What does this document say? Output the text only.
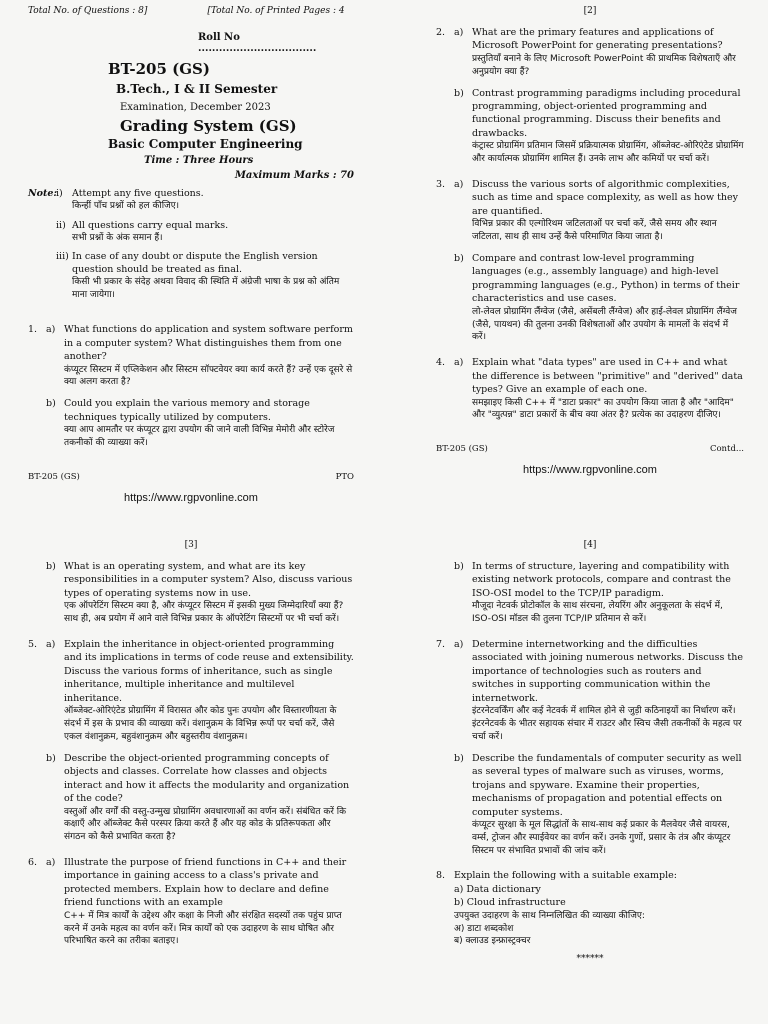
Total No. of Questions : 8]	[Total No. of Printed Pages : 4
Roll No ..................................
BT-205 (GS)
B.Tech., I & II Semester
Examination, December 2023
Grading System (GS)
Basic Computer Engineering
Time : Three Hours
Maximum Marks : 70
Note: i) Attempt any five questions.
किन्हीं पाँच प्रश्नों को हल कीजिए।
ii) All questions carry equal marks.
सभी प्रश्नों के अंक समान हैं।
iii) In case of any doubt or dispute the English version question should be treated as final.
किसी भी प्रकार के संदेह अथवा विवाद की स्थिति में अंग्रेजी भाषा के प्रश्न को अंतिम माना जायेगा।
1. a) What functions do application and system software perform in a computer system? What distinguishes them from one another?
कंप्यूटर सिस्टम में एप्लिकेशन और सिस्टम सॉफ्टवेयर क्या कार्य करते हैं? उन्हें एक दूसरे से क्या अलग करता है?
b) Could you explain the various memory and storage techniques typically utilized by computers.
क्या आप आमतौर पर कंप्यूटर द्वारा उपयोग की जाने वाली विभिन्न मेमोरी और स्टोरेज तकनीकों की व्याख्या करें।
BT-205 (GS)	PTO
https://www.rgpvonline.com
[2]
2. a) What are the primary features and applications of Microsoft PowerPoint for generating presentations?
प्रस्तुतियाँ बनाने के लिए Microsoft PowerPoint की प्राथमिक विशेषताएँ और अनुप्रयोग क्या हैं?
b) Contrast programming paradigms including procedural programming, object-oriented programming and functional programming. Discuss their benefits and drawbacks.
कंट्रास्ट प्रोग्रामिंग प्रतिमान जिसमें प्रक्रियात्मक प्रोग्रामिंग, ऑब्जेक्ट-ओरिएंटेड प्रोग्रामिंग और कार्यात्मक प्रोग्रामिंग शामिल हैं। उनके लाभ और कमियों पर चर्चा करें।
3. a) Discuss the various sorts of algorithmic complexities, such as time and space complexity, as well as how they are quantified.
विभिन्न प्रकार की एल्गोरिथम जटिलताओं पर चर्चा करें, जैसे समय और स्थान जटिलता, साथ ही साथ उन्हें कैसे परिमाणित किया जाता है।
b) Compare and contrast low-level programming languages (e.g., assembly language) and high-level programming languages (e.g., Python) in terms of their characteristics and use cases.
लो-लेवल प्रोग्रामिंग लैंग्वेज (जैसे, असेंबली लैंग्वेज) और हाई-लेवल प्रोग्रामिंग लैंग्वेज (जैसे, पायथन) की तुलना उनकी विशेषताओं और उपयोग के मामलों के संदर्भ में करें।
4. a) Explain what "data types" are used in C++ and what the difference is between "primitive" and "derived" data types? Give an example of each one.
समझाइए किसी C++ में "डाटा प्रकार" का उपयोग किया जाता है और "आदिम" और "व्युत्पन्न" डाटा प्रकारों के बीच क्या अंतर है? प्रत्येक का उदाहरण दीजिए।
BT-205 (GS)	Contd...
https://www.rgpvonline.com
[3]
b) What is an operating system, and what are its key responsibilities in a computer system? Also, discuss various types of operating systems now in use.
एक ऑपरेटिंग सिस्टम क्या है, और कंप्यूटर सिस्टम में इसकी मुख्य जिम्मेदारियाँ क्या हैं? साथ ही, अब प्रयोग में आने वाले विभिन्न प्रकार के ऑपरेटिंग सिस्टमों पर भी चर्चा करें।
5. a) Explain the inheritance in object-oriented programming and its implications in terms of code reuse and extensibility. Discuss the various forms of inheritance, such as single inheritance, multiple inheritance and multilevel inheritance.
ऑब्जेक्ट-ओरिएंटेड प्रोग्रामिंग में विरासत और कोड पुनः उपयोग और विस्तारणीयता के संदर्भ में इस के प्रभाव की व्याख्या करें। वंशानुक्रम के विभिन्न रूपों पर चर्चा करें, जैसे एकल वंशानुक्रम, बहुवंशानुक्रम और बहुस्तरीय वंशानुक्रम।
b) Describe the object-oriented programming concepts of objects and classes. Correlate how classes and objects interact and how it affects the modularity and organization of the code?
वस्तुओं और वर्गों की वस्तु-उन्मुख प्रोग्रामिंग अवधारणाओं का वर्णन करें। संबंधित करें कि कक्षाएँ और ऑब्जेक्ट कैसे परस्पर क्रिया करते हैं और यह कोड के प्रतिरूपकता और संगठन को कैसे प्रभावित करता है?
6. a) Illustrate the purpose of friend functions in C++ and their importance in gaining access to a class's private and protected members. Explain how to declare and define friend functions with an example
C++ में मित्र कार्यों के उद्देश्य और कक्षा के निजी और संरक्षित सदस्यों तक पहुंच प्राप्त करने में उनके महत्व का वर्णन करें। मित्र कार्यों को एक उदाहरण के साथ घोषित और परिभाषित करने का तरीका बताइए।
[4]
b) In terms of structure, layering and compatibility with existing network protocols, compare and contrast the ISO-OSI model to the TCP/IP paradigm.
मौजूदा नेटवर्क प्रोटोकॉल के साथ संरचना, लेयरिंग और अनुकूलता के संदर्भ में, ISO-OSI मॉडल की तुलना TCP/IP प्रतिमान से करें।
7. a) Determine internetworking and the difficulties associated with joining numerous networks. Discuss the importance of technologies such as routers and switches in supporting communication within the internetwork.
इंटरनेटवर्किंग और कई नेटवर्क में शामिल होने से जुड़ी कठिनाइयों का निर्धारण करें। इंटरनेटवर्क के भीतर सहायक संचार में राउटर और स्विच जैसी तकनीकों के महत्व पर चर्चा करें।
b) Describe the fundamentals of computer security as well as several types of malware such as viruses, worms, trojans and spyware. Examine their properties, mechanisms of propagation and potential effects on computer systems.
कंप्यूटर सुरक्षा के मूल सिद्धांतों के साथ-साथ कई प्रकार के मैलवेयर जैसे वायरस, वर्म्स, ट्रोजन और स्पाईवेयर का वर्णन करें। उनके गुणों, प्रसार के तंत्र और कंप्यूटर सिस्टम पर संभावित प्रभावों की जांच करें।
8. Explain the following with a suitable example:
a) Data dictionary
b) Cloud infrastructure
उपयुक्त उदाहरण के साथ निम्नलिखित की व्याख्या कीजिए:
अ) डाटा शब्दकोश
ब) क्लाउड इन्फ्रास्ट्रक्चर
******
